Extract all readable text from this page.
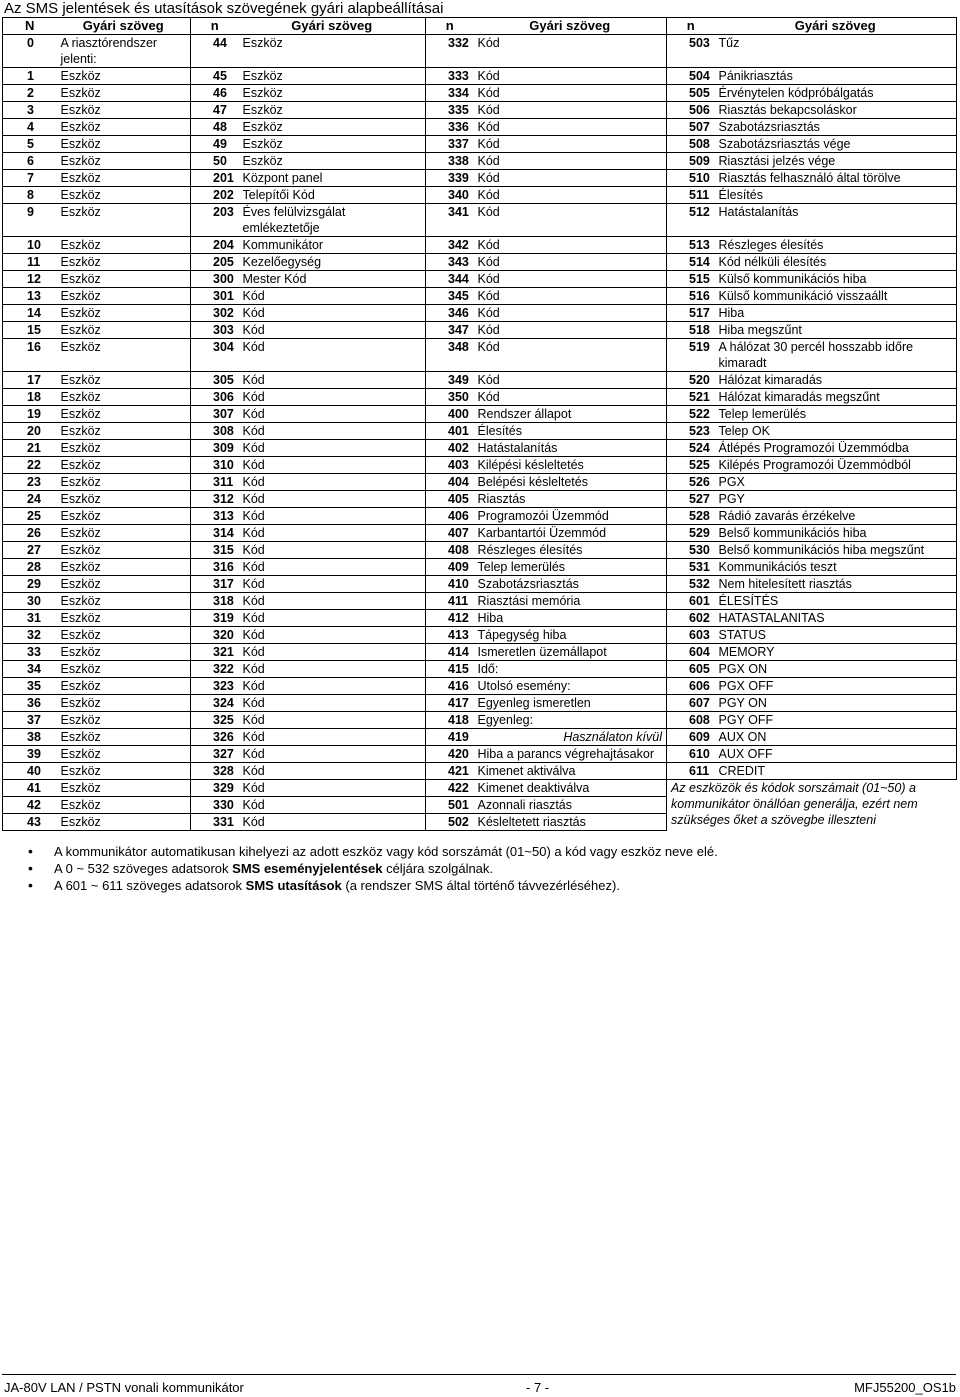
Az SMS jelentések és utasítások szövegének gyári alapbeállításai
N	Gyári szöveg	n	Gyári szöveg	n	Gyári szöveg	n	Gyári szöveg
0	A riasztórendszer jelenti:	44	Eszköz	332	Kód	503	Tűz
1	Eszköz	45	Eszköz	333	Kód	504	Pánikriasztás
2	Eszköz	46	Eszköz	334	Kód	505	Érvénytelen kódpróbálgatás
3	Eszköz	47	Eszköz	335	Kód	506	Riasztás bekapcsoláskor
4	Eszköz	48	Eszköz	336	Kód	507	Szabotázsriasztás
5	Eszköz	49	Eszköz	337	Kód	508	Szabotázsriasztás vége
6	Eszköz	50	Eszköz	338	Kód	509	Riasztási jelzés vége
7	Eszköz	201	Központ panel	339	Kód	510	Riasztás felhasználó által törölve
8	Eszköz	202	Telepítői Kód	340	Kód	511	Élesítés
9	Eszköz	203	Éves felülvizsgálat emlékeztetője	341	Kód	512	Hatástalanítás
10	Eszköz	204	Kommunikátor	342	Kód	513	Részleges élesítés
11	Eszköz	205	Kezelőegység	343	Kód	514	Kód nélküli élesítés
12	Eszköz	300	Mester Kód	344	Kód	515	Külső kommunikációs hiba
13	Eszköz	301	Kód	345	Kód	516	Külső kommunikáció visszaállt
14	Eszköz	302	Kód	346	Kód	517	Hiba
15	Eszköz	303	Kód	347	Kód	518	Hiba megszűnt
16	Eszköz	304	Kód	348	Kód	519	A hálózat 30 percél hosszabb időre kimaradt
17	Eszköz	305	Kód	349	Kód	520	Hálózat kimaradás
18	Eszköz	306	Kód	350	Kód	521	Hálózat kimaradás megszűnt
19	Eszköz	307	Kód	400	Rendszer állapot	522	Telep lemerülés
20	Eszköz	308	Kód	401	Élesítés	523	Telep OK
21	Eszköz	309	Kód	402	Hatástalanítás	524	Átlépés Programozói Üzemmódba
22	Eszköz	310	Kód	403	Kilépési késleltetés	525	Kilépés Programozói Üzemmódból
23	Eszköz	311	Kód	404	Belépési késleltetés	526	PGX
24	Eszköz	312	Kód	405	Riasztás	527	PGY
25	Eszköz	313	Kód	406	Programozói Üzemmód	528	Rádió zavarás érzékelve
26	Eszköz	314	Kód	407	Karbantartói Üzemmód	529	Belső kommunikációs hiba
27	Eszköz	315	Kód	408	Részleges élesítés	530	Belső kommunikációs hiba megszűnt
28	Eszköz	316	Kód	409	Telep lemerülés	531	Kommunikációs teszt
29	Eszköz	317	Kód	410	Szabotázsriasztás	532	Nem hitelesített riasztás
30	Eszköz	318	Kód	411	Riasztási memória	601	ÉLESÍTÉS
31	Eszköz	319	Kód	412	Hiba	602	HATASTALANITAS
32	Eszköz	320	Kód	413	Tápegység hiba	603	STATUS
33	Eszköz	321	Kód	414	Ismeretlen üzemállapot	604	MEMORY
34	Eszköz	322	Kód	415	Idő:	605	PGX ON
35	Eszköz	323	Kód	416	Utolsó esemény:	606	PGX OFF
36	Eszköz	324	Kód	417	Egyenleg ismeretlen	607	PGY ON
37	Eszköz	325	Kód	418	Egyenleg:	608	PGY OFF
38	Eszköz	326	Kód	419	Használaton kívül	609	AUX ON
39	Eszköz	327	Kód	420	Hiba a parancs végrehajtásakor	610	AUX OFF
40	Eszköz	328	Kód	421	Kimenet aktiválva	611	CREDIT
41	Eszköz	329	Kód	422	Kimenet deaktiválva	Az eszközök és kódok sorszámait (01~50) a kommunikátor önállóan generálja, ezért nem szükséges őket a szövegbe illeszteni	
42	Eszköz	330	Kód	501	Azonnali riasztás		
43	Eszköz	331	Kód	502	Késleltetett riasztás		
• A kommunikátor automatikusan kihelyezi az adott eszköz vagy kód sorszámát (01~50) a kód vagy eszköz neve elé.
• A 0 ~ 532 szöveges adatsorok SMS eseményjelentések céljára szolgálnak.
• A 601 ~ 611 szöveges adatsorok SMS utasítások (a rendszer SMS által történő távvezérléséhez).
JA-80V LAN / PSTN vonali kommunikátor	- 7 -	MFJ55200_OS1b
